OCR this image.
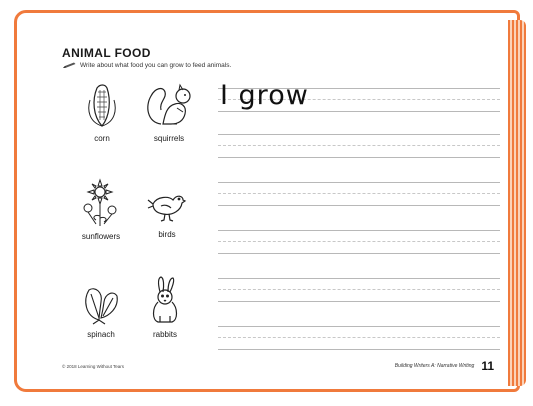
ANIMAL FOOD
Write about what food you can grow to feed animals.
corn	squirrels
sunflowers	birds
spinach	rabbits
I grow
© 2018 Learning Without Tears	Building Writers A: Narrative Writing 11
